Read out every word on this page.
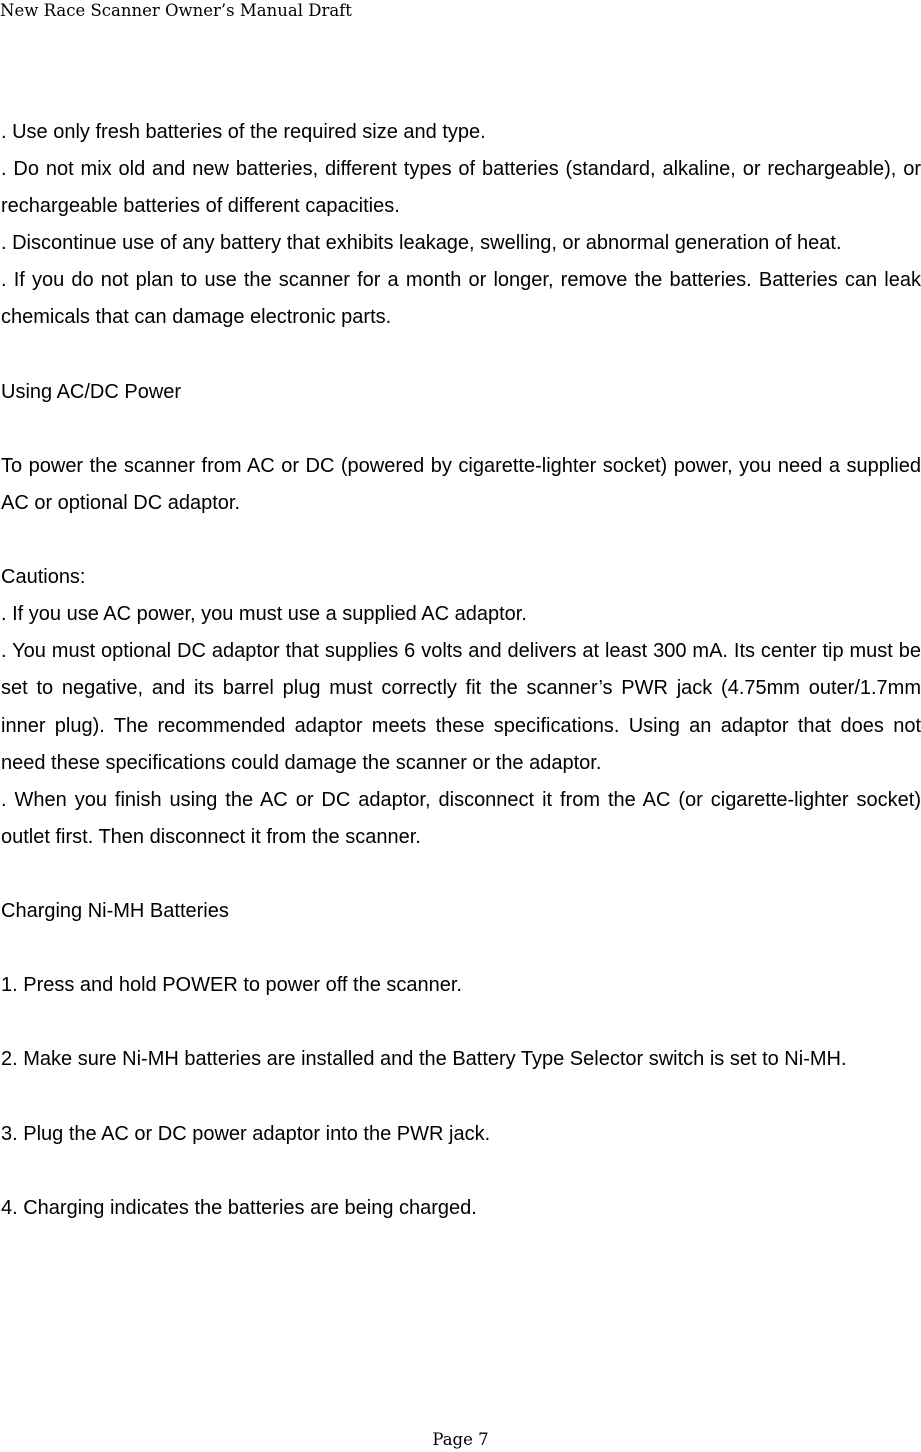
New Race Scanner Owner’s Manual Draft

. Use only fresh batteries of the required size and type.

. Do not mix old and new batteries, different types of batteries (standard, alkaline, or rechargeable), or rechargeable batteries of different capacities.

. Discontinue use of any battery that exhibits leakage, swelling, or abnormal generation of heat.

. If you do not plan to use the scanner for a month or longer, remove the batteries. Batteries can leak chemicals that can damage electronic parts.

Using AC/DC Power

To power the scanner from AC or DC (powered by cigarette-lighter socket) power, you need a supplied AC or optional DC adaptor.

Cautions:

. If you use AC power, you must use a supplied AC adaptor.

. You must optional DC adaptor that supplies 6 volts and delivers at least 300 mA. Its center tip must be set to negative, and its barrel plug must correctly fit the scanner’s PWR jack (4.75mm outer/1.7mm inner plug). The recommended adaptor meets these specifications. Using an adaptor that does not need these specifications could damage the scanner or the adaptor.

. When you finish using the AC or DC adaptor, disconnect it from the AC (or cigarette-lighter socket) outlet first. Then disconnect it from the scanner.

Charging Ni-MH Batteries

1. Press and hold POWER to power off the scanner.

2. Make sure Ni-MH batteries are installed and the Battery Type Selector switch is set to Ni-MH.

3. Plug the AC or DC power adaptor into the PWR jack.

4. Charging indicates the batteries are being charged.

Page 7
